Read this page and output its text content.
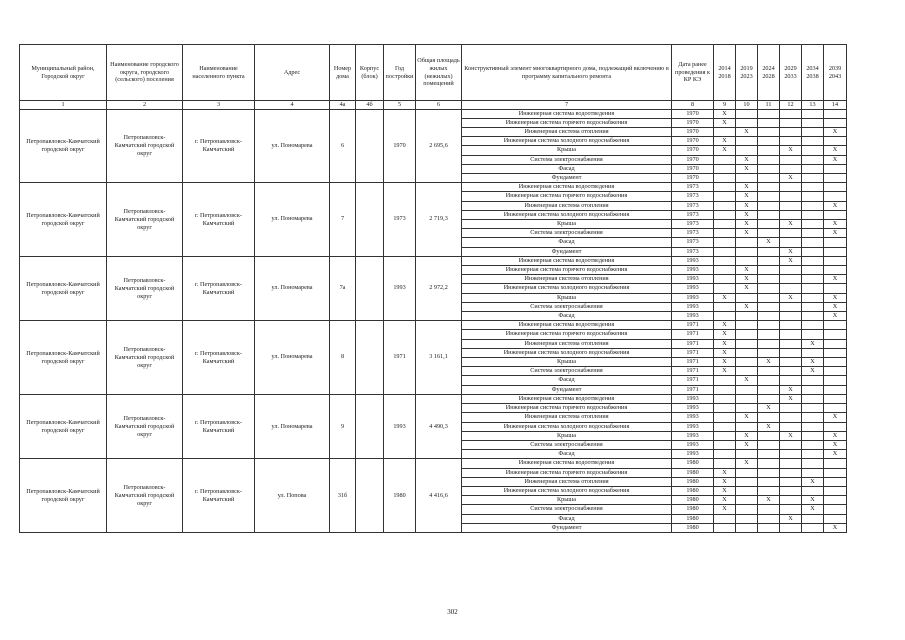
Муниципальный район, Городской округ	Наименование городского округа, городского (сельского) поселения	Наименование населенного пункта	Адрес	Номер дома	Корпус (блок)	Год постройки	Общая площадь жилых (нежилых) помещений	Конструктивный элемент многоквартирного дома, подлежащий включению в программу капитального ремонта	Дата ранее проведения к КР КЭ	2014 2018	2019 2023	2024 2028	2029 2033	2034 2038	2039 2043
1	2	3	4	4а	4б	5	6	7	8	9	10	11	12	13	14
Петропавловск-Камчатский городской округ	Петропавловск-Камчатский городской округ	г. Петропавловск-Камчатский	ул. Пономарева	6		1970	2 695,6	Инженерная система водоотведения	1970	X					
								Инженерная система горячего водоснабжения	1970	X					
								Инженерная система отопления	1970		X				X
								Инженерная система холодного водоснабжения	1970	X					
								Крыша	1970	X			X		X
								Система электроснабжения	1970		X				X
								Фасад	1970		X				
								Фундамент	1970				X		
Петропавловск-Камчатский городской округ	Петропавловск-Камчатский городской округ	г. Петропавловск-Камчатский	ул. Пономарева	7		1973	2 719,3	Инженерная система водоотведения	1973		X				
								Инженерная система горячего водоснабжения	1973		X				
								Инженерная система отопления	1973		X				X
								Инженерная система холодного водоснабжения	1973		X				
								Крыша	1973		X		X		X
								Система электроснабжения	1973		X				X
								Фасад	1973			X			
								Фундамент	1973				X		
Петропавловск-Камчатский городской округ	Петропавловск-Камчатский городской округ	г. Петропавловск-Камчатский	ул. Пономарева	7а		1993	2 972,2	Инженерная система водоотведения	1993				X		
								Инженерная система горячего водоснабжения	1993		X				
								Инженерная система отопления	1993		X				X
								Инженерная система холодного водоснабжения	1993		X				
								Крыша	1993	X			X		X
								Система электроснабжения	1993		X				X
								Фасад	1993						X
Петропавловск-Камчатский городской округ	Петропавловск-Камчатский городской округ	г. Петропавловск-Камчатский	ул. Пономарева	8		1971	3 161,1	Инженерная система водоотведения	1971	X					
								Инженерная система горячего водоснабжения	1971	X					
								Инженерная система отопления	1971	X				X	
								Инженерная система холодного водоснабжения	1971	X					
								Крыша	1971	X		X		X	
								Система электроснабжения	1971	X				X	
								Фасад	1971		X				
								Фундамент	1971				X		
Петропавловск-Камчатский городской округ	Петропавловск-Камчатский городской округ	г. Петропавловск-Камчатский	ул. Пономарева	9		1993	4 490,3	Инженерная система водоотведения	1993				X		
								Инженерная система горячего водоснабжения	1993			X			
								Инженерная система отопления	1993		X				X
								Инженерная система холодного водоснабжения	1993			X			
								Крыша	1993		X		X		X
								Система электроснабжения	1993		X				X
								Фасад	1993						X
Петропавловск-Камчатский городской округ	Петропавловск-Камчатский городской округ	г. Петропавловск-Камчатский	ул. Попова	31б		1980	4 416,6	Инженерная система водоотведения	1980		X				
								Инженерная система горячего водоснабжения	1980	X					
								Инженерная система отопления	1980	X				X	
								Инженерная система холодного водоснабжения	1980	X					
								Крыша	1980	X		X		X	
								Система электроснабжения	1980	X				X	
								Фасад	1980				X		
								Фундамент	1980						X
302
